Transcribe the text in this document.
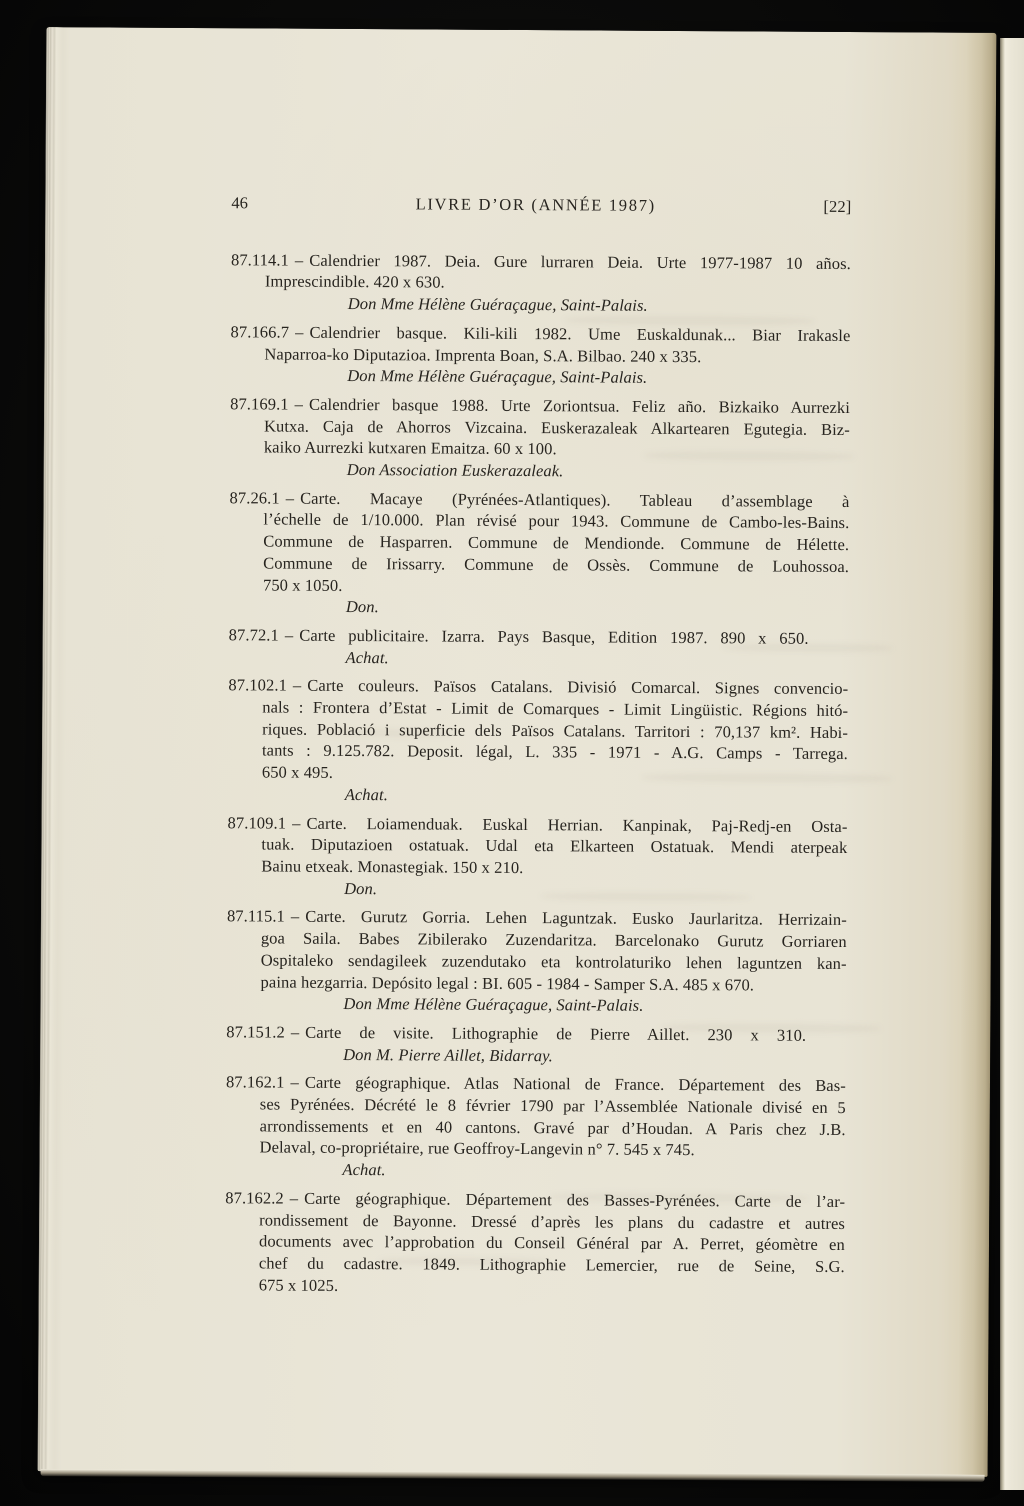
46	LIVRE D’OR (ANNÉE 1987)	[22]
87.114.1 – Calendrier 1987. Deia. Gure lurraren Deia. Urte 1977-1987 10 años.
Imprescindible. 420 x 630.
Don Mme Hélène Guéraçague, Saint-Palais.
87.166.7 – Calendrier basque. Kili-kili 1982. Ume Euskaldunak... Biar Irakasle
Naparroa-ko Diputazioa. Imprenta Boan, S.A. Bilbao. 240 x 335.
Don Mme Hélène Guéraçague, Saint-Palais.
87.169.1 – Calendrier basque 1988. Urte Zoriontsua. Feliz año. Bizkaiko Aurrezki
Kutxa. Caja de Ahorros Vizcaina. Euskerazaleak Alkartearen Egutegia. Biz-
kaiko Aurrezki kutxaren Emaitza. 60 x 100.
Don Association Euskerazaleak.
87.26.1 – Carte. Macaye (Pyrénées-Atlantiques). Tableau d’assemblage à
l’échelle de 1/10.000. Plan révisé pour 1943. Commune de Cambo-les-Bains.
Commune de Hasparren. Commune de Mendionde. Commune de Hélette.
Commune de Irissarry. Commune de Ossès. Commune de Louhossoa.
750 x 1050.
Don.
87.72.1 – Carte publicitaire. Izarra. Pays Basque, Edition 1987. 890 x 650.
Achat.
87.102.1 – Carte couleurs. Països Catalans. Divisió Comarcal. Signes convencio-
nals : Frontera d’Estat - Limit de Comarques - Limit Lingüistic. Régions hitó-
riques. Població i superficie dels Països Catalans. Tarritori : 70,137 km². Habi-
tants : 9.125.782. Deposit. légal, L. 335 - 1971 - A.G. Camps - Tarrega.
650 x 495.
Achat.
87.109.1 – Carte. Loiamenduak. Euskal Herrian. Kanpinak, Paj-Redj-en Osta-
tuak. Diputazioen ostatuak. Udal eta Elkarteen Ostatuak. Mendi aterpeak
Bainu etxeak. Monastegiak. 150 x 210.
Don.
87.115.1 – Carte. Gurutz Gorria. Lehen Laguntzak. Eusko Jaurlaritza. Herrizain-
goa Saila. Babes Zibilerako Zuzendaritza. Barcelonako Gurutz Gorriaren
Ospitaleko sendagileek zuzendutako eta kontrolaturiko lehen laguntzen kan-
paina hezgarria. Depósito legal : BI. 605 - 1984 - Samper S.A. 485 x 670.
Don Mme Hélène Guéraçague, Saint-Palais.
87.151.2 – Carte de visite. Lithographie de Pierre Aillet. 230 x 310.
Don M. Pierre Aillet, Bidarray.
87.162.1 – Carte géographique. Atlas National de France. Département des Bas-
ses Pyrénées. Décrété le 8 février 1790 par l’Assemblée Nationale divisé en 5
arrondissements et en 40 cantons. Gravé par d’Houdan. A Paris chez J.B.
Delaval, co-propriétaire, rue Geoffroy-Langevin n° 7. 545 x 745.
Achat.
87.162.2 – Carte géographique. Département des Basses-Pyrénées. Carte de l’ar-
rondissement de Bayonne. Dressé d’après les plans du cadastre et autres
documents avec l’approbation du Conseil Général par A. Perret, géomètre en
chef du cadastre. 1849. Lithographie Lemercier, rue de Seine, S.G.
675 x 1025.
